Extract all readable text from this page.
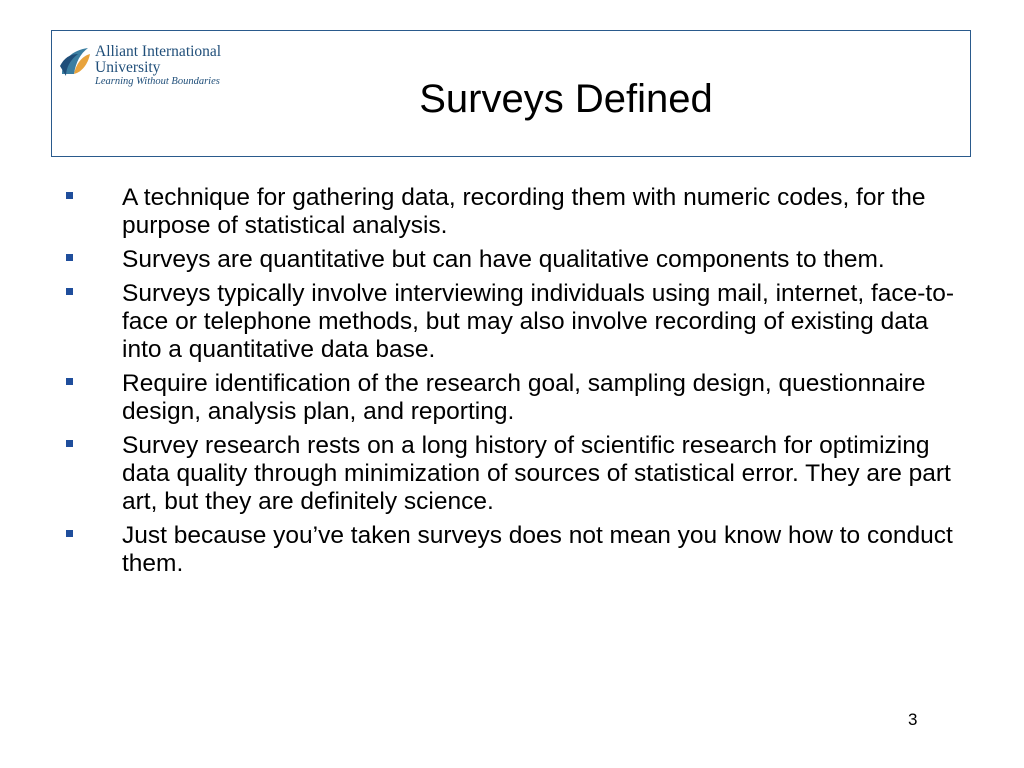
Alliant International
University
Learning Without Boundaries	Surveys Defined
A technique for gathering data, recording them with numeric codes, for the purpose of statistical analysis.
Surveys are quantitative but can have qualitative components to them.
Surveys typically involve interviewing individuals using mail, internet, face-to-face or telephone methods, but may also involve recording of existing data into a quantitative data base.
Require identification of the research goal, sampling design, questionnaire design, analysis plan, and reporting.
Survey research rests on a long history of scientific research for optimizing data quality through minimization of sources of statistical error. They are part art, but they are definitely science.
Just because you’ve taken surveys does not mean you know how to conduct them.
3
